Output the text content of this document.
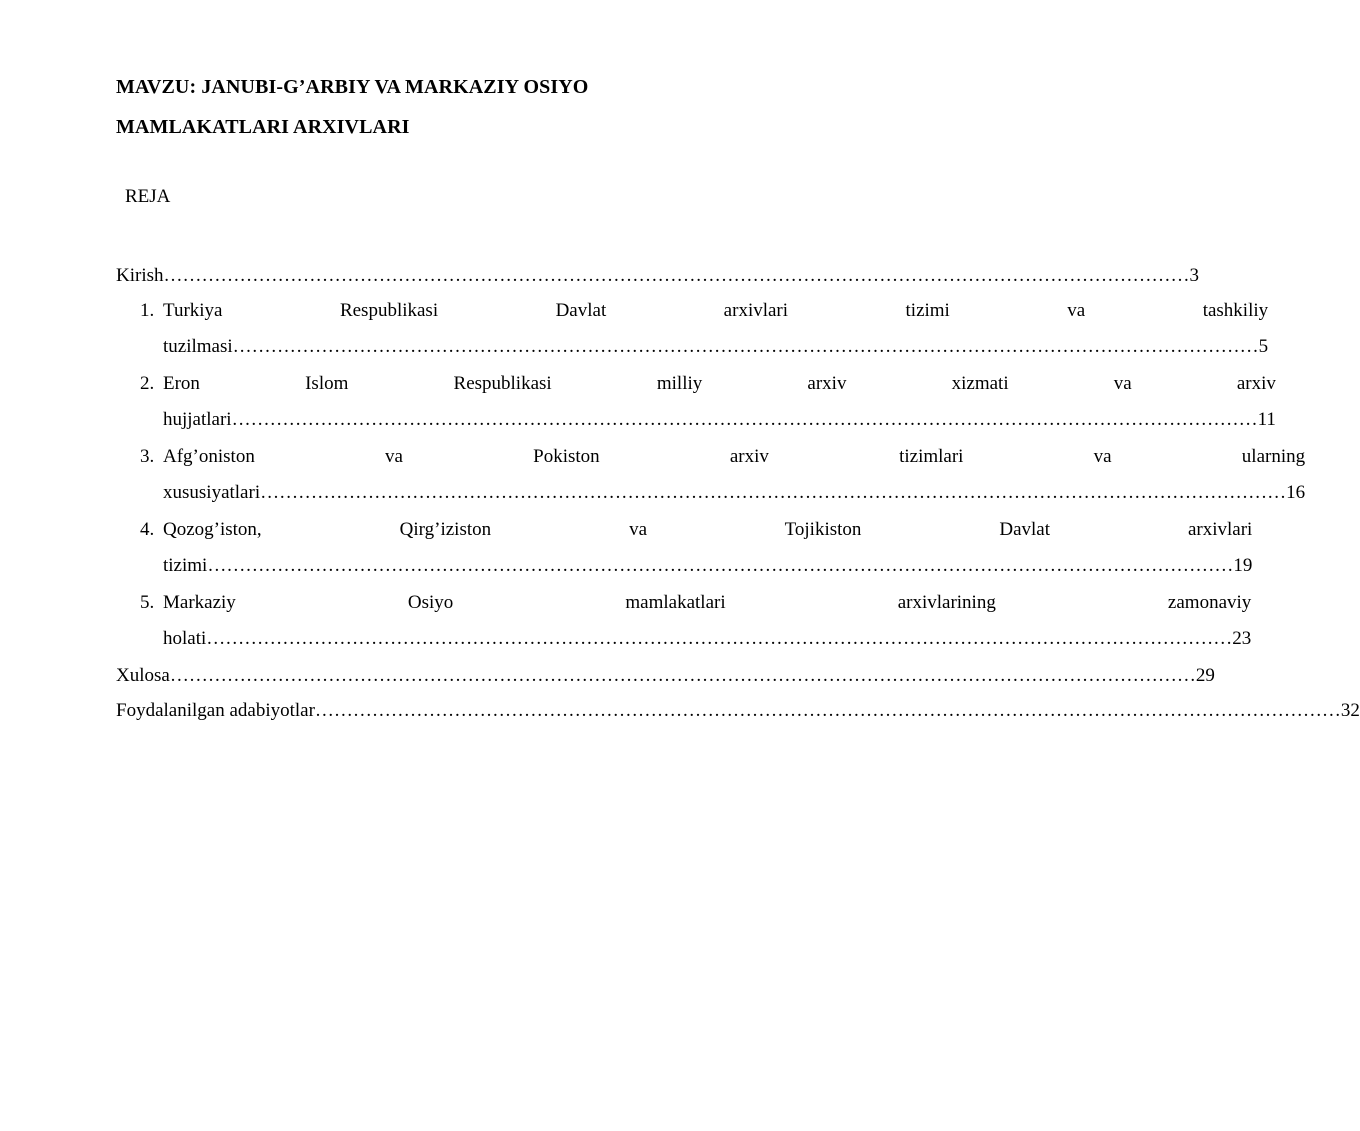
MAVZU: JANUBI-G’ARBIY VA MARKAZIY OSIYO
MAMLAKATLARI ARXIVLARI
REJA
Kirish ………………………………………………………………………………………………………………………………………………	3
1. Turkiya Respublikasi Davlat arxivlari tizimi va tashkiliy
tuzilmasi ………………………………………………………………………………………………………………………………………………	5
2. Eron Islom Respublikasi milliy arxiv xizmati va arxiv
hujjatlari ………………………………………………………………………………………………………………………………………………	11
3. Afg’oniston va Pokiston arxiv tizimlari va ularning
xususiyatlari ………………………………………………………………………………………………………………………………………………	16
4. Qozog’iston, Qirg’iziston va Tojikiston Davlat arxivlari
tizimi ………………………………………………………………………………………………………………………………………………	19
5. Markaziy Osiyo mamlakatlari arxivlarining zamonaviy
holati ………………………………………………………………………………………………………………………………………………	23
Xulosa ………………………………………………………………………………………………………………………………………………	29
Foydalanilgan adabiyotlar ………………………………………………………………………………………………………………………………………………	32
